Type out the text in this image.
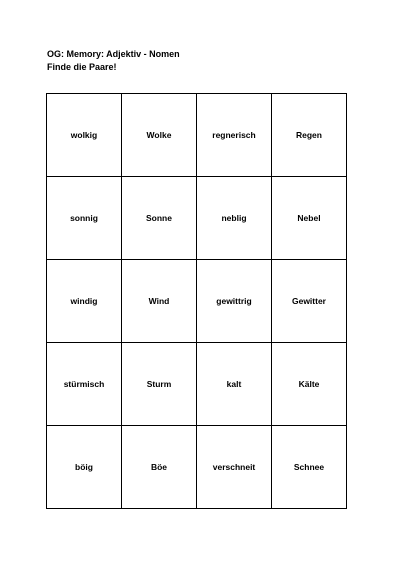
OG: Memory: Adjektiv - Nomen
Finde die Paare!
wolkig	Wolke	regnerisch	Regen
sonnig	Sonne	neblig	Nebel
windig	Wind	gewittrig	Gewitter
stürmisch	Sturm	kalt	Kälte
böig	Böe	verschneit	Schnee
